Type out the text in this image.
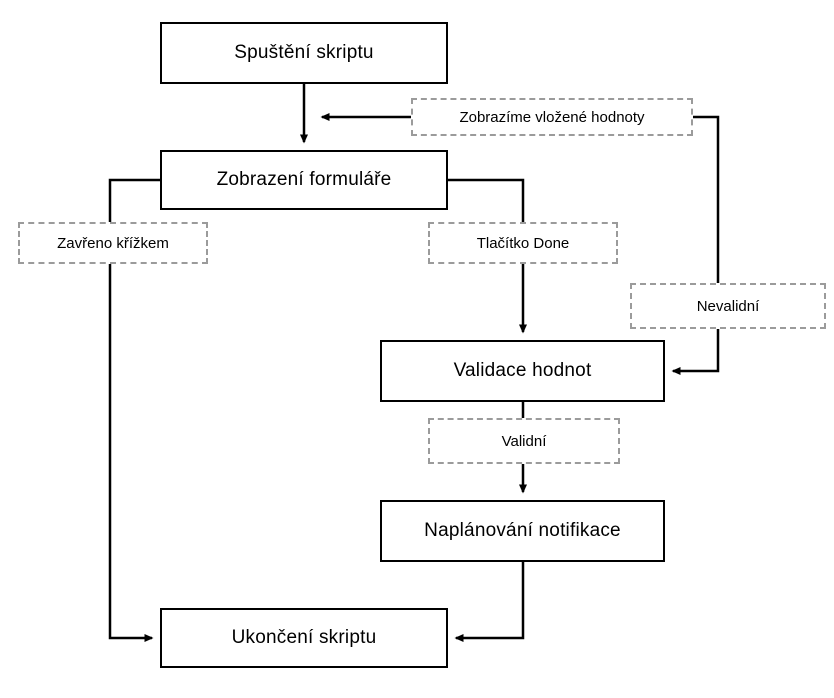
Spuštění skriptu
Zobrazení formuláře
Validace hodnot
Naplánování notifikace
Ukončení skriptu
Zobrazíme vložené hodnoty
Zavřeno křížkem	Tlačítko Done
Nevalidní
Validní
